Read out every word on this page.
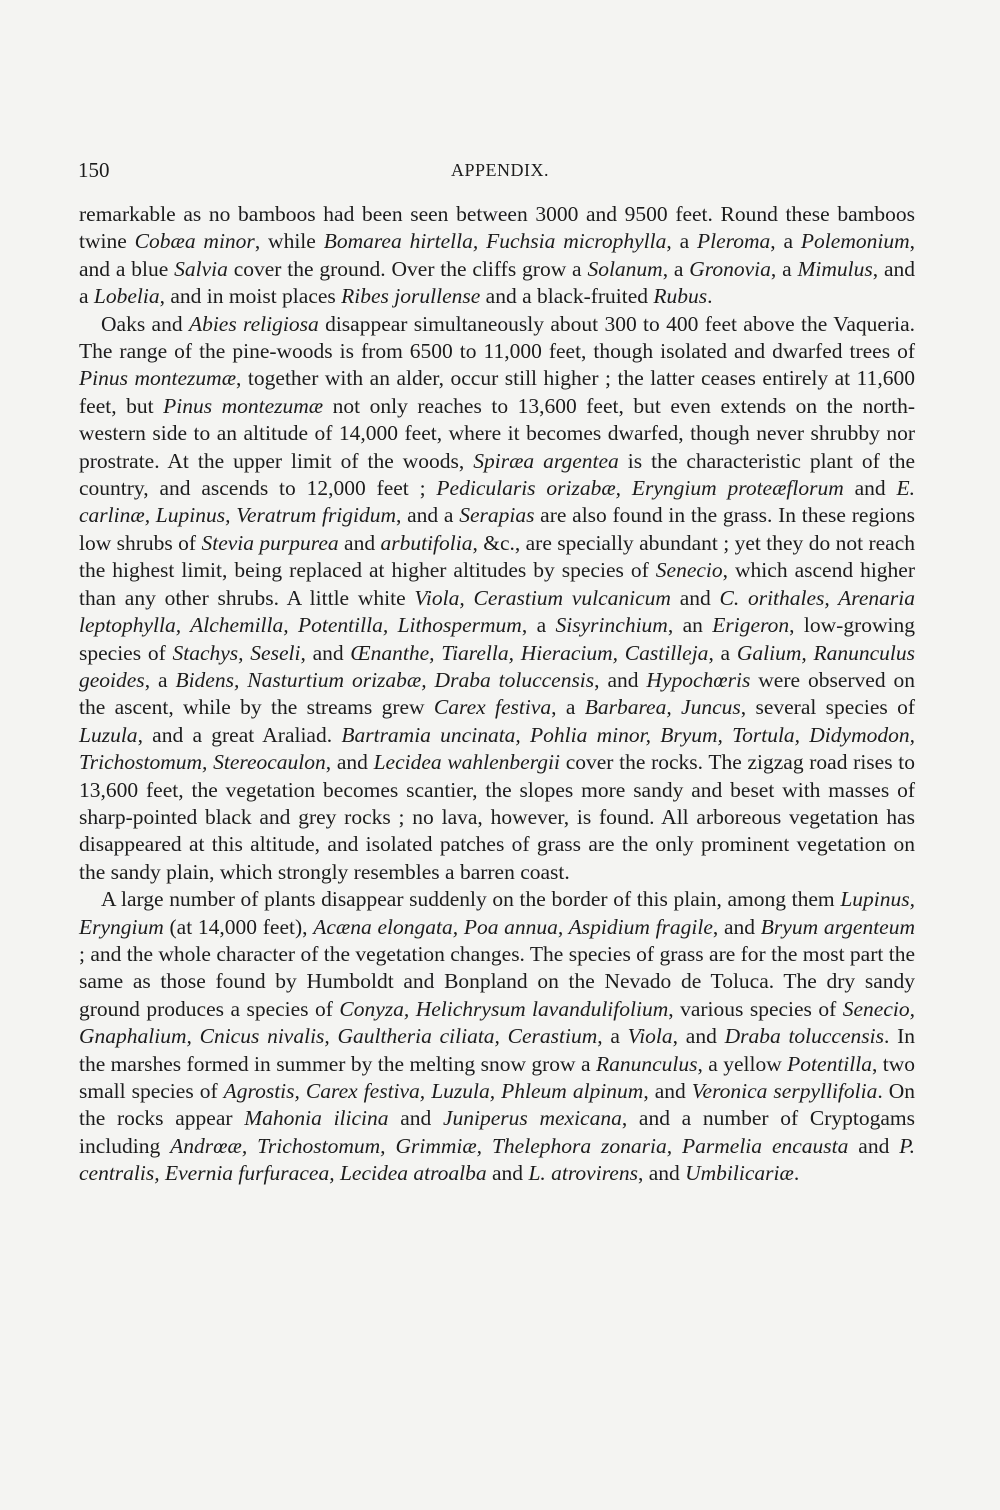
150	APPENDIX.

remarkable as no bamboos had been seen between 3000 and 9500 feet. Round these bamboos twine Cobæa minor, while Bomarea hirtella, Fuchsia microphylla, a Pleroma, a Polemonium, and a blue Salvia cover the ground. Over the cliffs grow a Solanum, a Gronovia, a Mimulus, and a Lobelia, and in moist places Ribes jorullense and a black-fruited Rubus.

Oaks and Abies religiosa disappear simultaneously about 300 to 400 feet above the Vaqueria. The range of the pine-woods is from 6500 to 11,000 feet, though isolated and dwarfed trees of Pinus montezumæ, together with an alder, occur still higher ; the latter ceases entirely at 11,600 feet, but Pinus montezumæ not only reaches to 13,600 feet, but even extends on the north-western side to an altitude of 14,000 feet, where it becomes dwarfed, though never shrubby nor prostrate. At the upper limit of the woods, Spiræa argentea is the characteristic plant of the country, and ascends to 12,000 feet ; Pedicularis orizabæ, Eryngium proteæflorum and E. carlinæ, Lupinus, Veratrum frigidum, and a Serapias are also found in the grass. In these regions low shrubs of Stevia purpurea and arbutifolia, &c., are specially abundant ; yet they do not reach the highest limit, being replaced at higher altitudes by species of Senecio, which ascend higher than any other shrubs. A little white Viola, Cerastium vulcanicum and C. orithales, Arenaria leptophylla, Alchemilla, Potentilla, Lithospermum, a Sisyrinchium, an Erigeron, low-growing species of Stachys, Seseli, and Œnanthe, Tiarella, Hieracium, Castilleja, a Galium, Ranunculus geoides, a Bidens, Nasturtium orizabæ, Draba toluccensis, and Hypochœris were observed on the ascent, while by the streams grew Carex festiva, a Barbarea, Juncus, several species of Luzula, and a great Araliad. Bartramia uncinata, Pohlia minor, Bryum, Tortula, Didymodon, Trichostomum, Stereocaulon, and Lecidea wahlenbergii cover the rocks. The zigzag road rises to 13,600 feet, the vegetation becomes scantier, the slopes more sandy and beset with masses of sharp-pointed black and grey rocks ; no lava, however, is found. All arboreous vegetation has disappeared at this altitude, and isolated patches of grass are the only prominent vegetation on the sandy plain, which strongly resembles a barren coast.

A large number of plants disappear suddenly on the border of this plain, among them Lupinus, Eryngium (at 14,000 feet), Acæna elongata, Poa annua, Aspidium fragile, and Bryum argenteum ; and the whole character of the vegetation changes. The species of grass are for the most part the same as those found by Humboldt and Bonpland on the Nevado de Toluca. The dry sandy ground produces a species of Conyza, Helichrysum lavandulifolium, various species of Senecio, Gnaphalium, Cnicus nivalis, Gaultheria ciliata, Cerastium, a Viola, and Draba toluccensis. In the marshes formed in summer by the melting snow grow a Ranunculus, a yellow Potentilla, two small species of Agrostis, Carex festiva, Luzula, Phleum alpinum, and Veronica serpyllifolia. On the rocks appear Mahonia ilicina and Juniperus mexicana, and a number of Cryptogams including Andrœæ, Trichostomum, Grimmiæ, Thelephora zonaria, Parmelia encausta and P. centralis, Evernia furfuracea, Lecidea atroalba and L. atrovirens, and Umbilicariæ.
